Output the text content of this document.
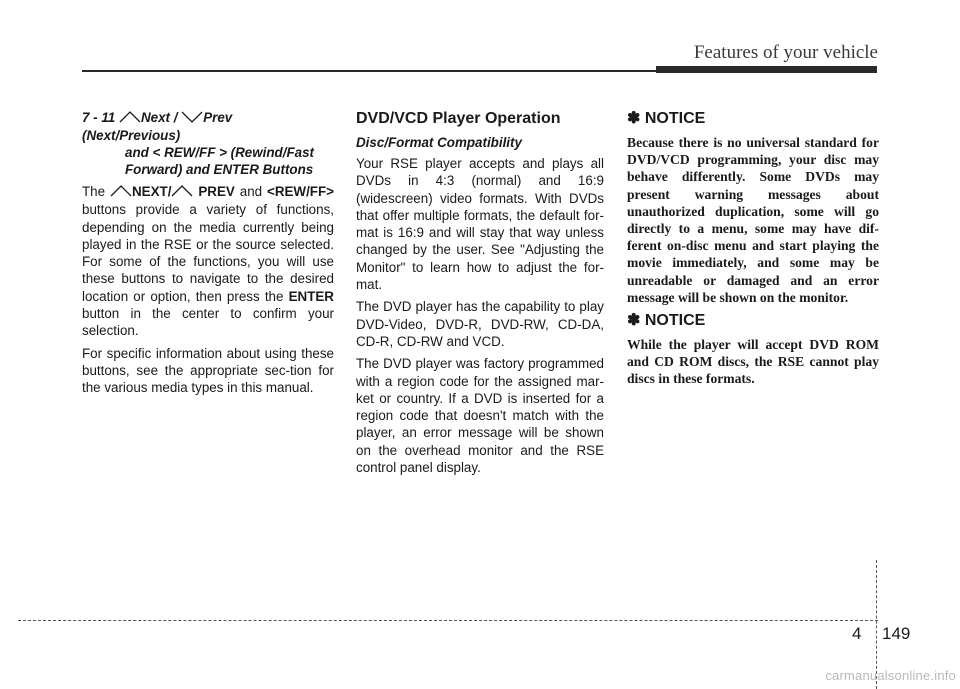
Features of your vehicle
7 - 11 Next / Prev (Next/Previous)
and < REW/FF > (Rewind/Fast
Forward) and ENTER Buttons

The NEXT/ PREV and <REW/FF> buttons provide a variety of functions, depending on the media currently being played in the RSE or the source selected. For some of the functions, you will use these buttons to navigate to the desired location or option, then press the ENTER button in the center to confirm your selection.

For specific information about using these buttons, see the appropriate sec-tion for the various media types in this manual.

DVD/VCD Player Operation
Disc/Format Compatibility

Your RSE player accepts and plays all DVDs in 4:3 (normal) and 16:9 (widescreen) video formats. With DVDs that offer multiple formats, the default for-mat is 16:9 and will stay that way unless changed by the user. See "Adjusting the Monitor" to learn how to adjust the for-mat.

The DVD player has the capability to play DVD-Video, DVD-R, DVD-RW, CD-DA, CD-R, CD-RW and VCD.

The DVD player was factory programmed with a region code for the assigned mar-ket or country. If a DVD is inserted for a region code that doesn't match with the player, an error message will be shown on the overhead monitor and the RSE control panel display.

✽ NOTICE

Because there is no universal standard for DVD/VCD programming, your disc may behave differently. Some DVDs may present warning messages about unauthorized duplication, some will go directly to a menu, some may have dif-ferent on-disc menu and start playing the movie immediately, and some may be unreadable or damaged and an error message will be shown on the monitor.

✽ NOTICE

While the player will accept DVD ROM and CD ROM discs, the RSE cannot play discs in these formats.

4 149
carmanualsonline.info
